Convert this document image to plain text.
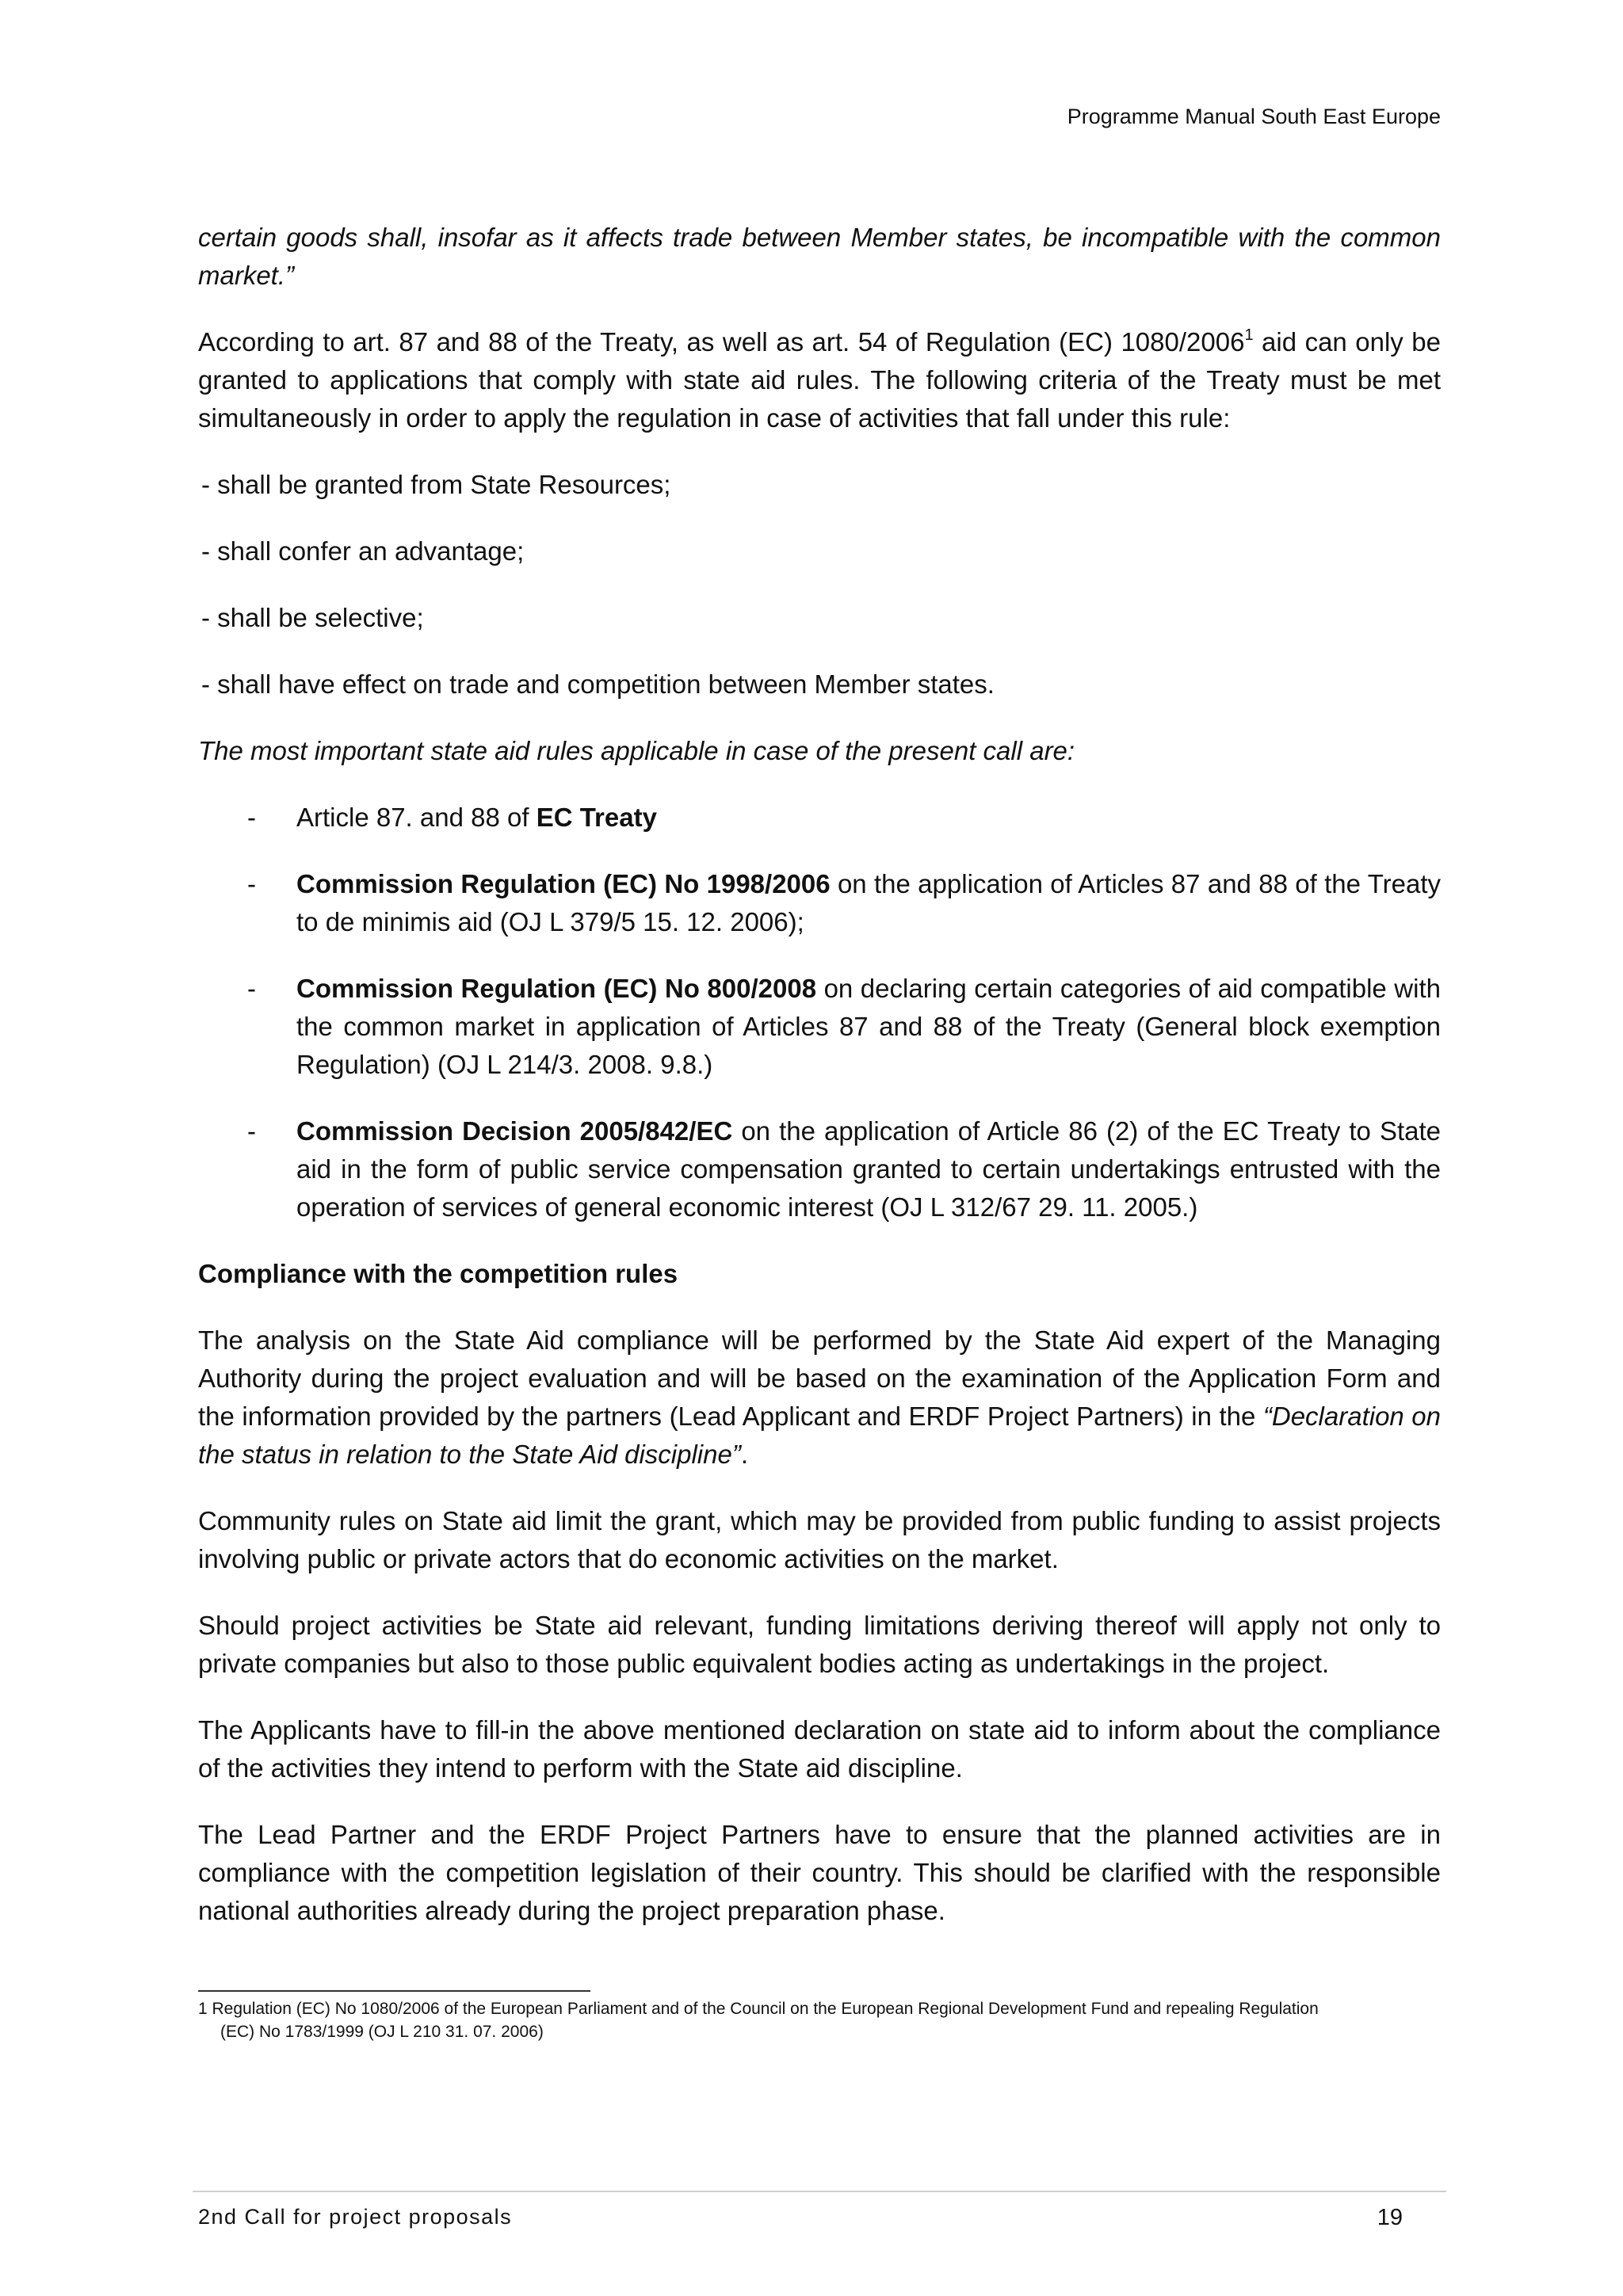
Programme Manual South East Europe

certain goods shall, insofar as it affects trade between Member states, be incompatible with the common market.”

According to art. 87 and 88 of the Treaty, as well as art. 54 of Regulation (EC) 1080/2006$^1$ aid can only be granted to applications that comply with state aid rules. The following criteria of the Treaty must be met simultaneously in order to apply the regulation in case of activities that fall under this rule:

- shall be granted from State Resources;

- shall confer an advantage;

- shall be selective;

- shall have effect on trade and competition between Member states.

The most important state aid rules applicable in case of the present call are:

- Article 87. and 88 of EC Treaty
- Commission Regulation (EC) No 1998/2006 on the application of Articles 87 and 88 of the Treaty to de minimis aid (OJ L 379/5 15. 12. 2006);
- Commission Regulation (EC) No 800/2008 on declaring certain categories of aid compatible with the common market in application of Articles 87 and 88 of the Treaty (General block exemption Regulation) (OJ L 214/3. 2008. 9.8.)
- Commission Decision 2005/842/EC on the application of Article 86 (2) of the EC Treaty to State aid in the form of public service compensation granted to certain undertakings entrusted with the operation of services of general economic interest (OJ L 312/67 29. 11. 2005.)

Compliance with the competition rules

The analysis on the State Aid compliance will be performed by the State Aid expert of the Managing Authority during the project evaluation and will be based on the examination of the Application Form and the information provided by the partners (Lead Applicant and ERDF Project Partners) in the “Declaration on the status in relation to the State Aid discipline”.

Community rules on State aid limit the grant, which may be provided from public funding to assist projects involving public or private actors that do economic activities on the market.

Should project activities be State aid relevant, funding limitations deriving thereof will apply not only to private companies but also to those public equivalent bodies acting as undertakings in the project.

The Applicants have to fill-in the above mentioned declaration on state aid to inform about the compliance of the activities they intend to perform with the State aid discipline.

The Lead Partner and the ERDF Project Partners have to ensure that the planned activities are in compliance with the competition legislation of their country. This should be clarified with the responsible national authorities already during the project preparation phase.

1 Regulation (EC) No 1080/2006 of the European Parliament and of the Council on the European Regional Development Fund and repealing Regulation
(EC) No 1783/1999 (OJ L 210 31. 07. 2006)
2nd Call for project proposals	19
